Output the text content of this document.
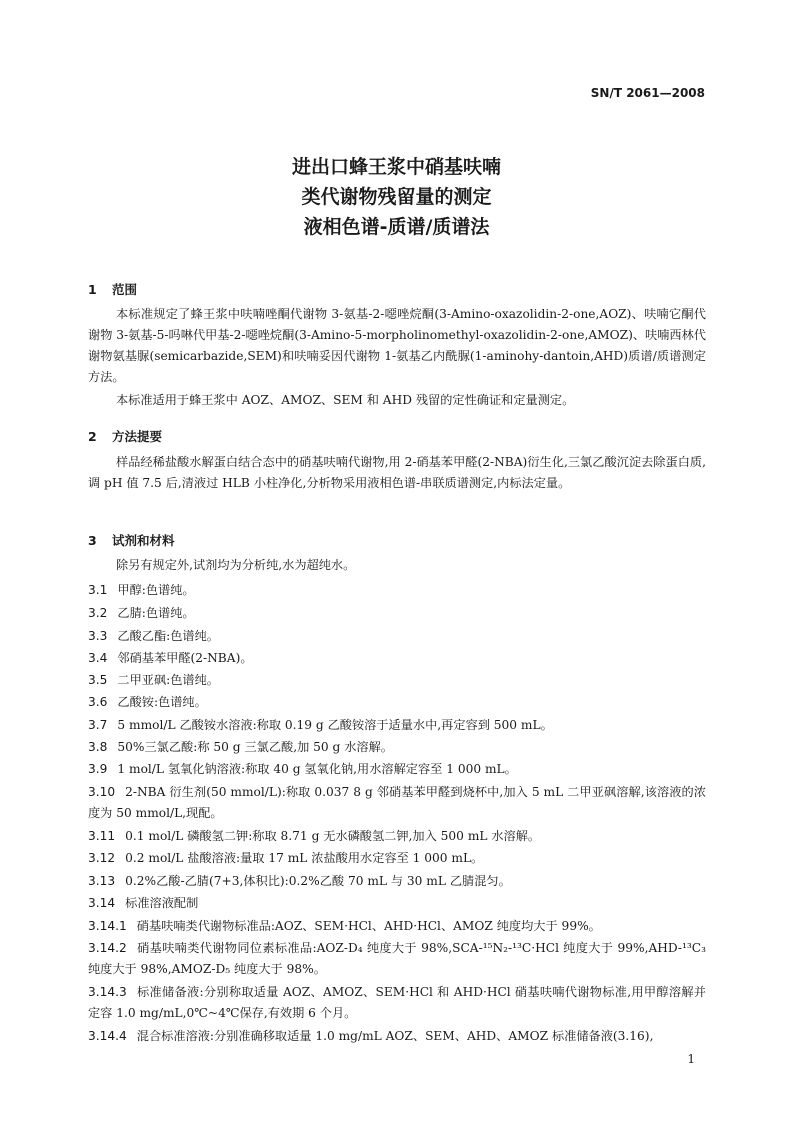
SN/T 2061—2008
进出口蜂王浆中硝基呋喃
类代谢物残留量的测定
液相色谱-质谱/质谱法
1 范围

本标准规定了蜂王浆中呋喃唑酮代谢物 3-氨基-2-噁唑烷酮(3-Amino-oxazolidin-2-one,AOZ)、呋喃它酮代谢物 3-氨基-5-吗啉代甲基-2-噁唑烷酮(3-Amino-5-morpholinomethyl-oxazolidin-2-one,AMOZ)、呋喃西林代谢物氨基脲(semicarbazide,SEM)和呋喃妥因代谢物 1-氨基乙内酰脲(1-aminohy-dantoin,AHD)质谱/质谱测定方法。

本标准适用于蜂王浆中 AOZ、AMOZ、SEM 和 AHD 残留的定性确证和定量测定。

2 方法提要

样品经稀盐酸水解蛋白结合态中的硝基呋喃代谢物,用 2-硝基苯甲醛(2-NBA)衍生化,三氯乙酸沉淀去除蛋白质,调 pH 值 7.5 后,清液过 HLB 小柱净化,分析物采用液相色谱-串联质谱测定,内标法定量。

3 试剂和材料

除另有规定外,试剂均为分析纯,水为超纯水。

3.1 甲醇:色谱纯。

3.2 乙腈:色谱纯。

3.3 乙酸乙酯:色谱纯。

3.4 邻硝基苯甲醛(2-NBA)。

3.5 二甲亚砜:色谱纯。

3.6 乙酸铵:色谱纯。

3.7 5 mmol/L 乙酸铵水溶液:称取 0.19 g 乙酸铵溶于适量水中,再定容到 500 mL。

3.8 50%三氯乙酸:称 50 g 三氯乙酸,加 50 g 水溶解。

3.9 1 mol/L 氢氧化钠溶液:称取 40 g 氢氧化钠,用水溶解定容至 1 000 mL。

3.10 2-NBA 衍生剂(50 mmol/L):称取 0.037 8 g 邻硝基苯甲醛到烧杯中,加入 5 mL 二甲亚砜溶解,该溶液的浓度为 50 mmol/L,现配。

3.11 0.1 mol/L 磷酸氢二钾:称取 8.71 g 无水磷酸氢二钾,加入 500 mL 水溶解。

3.12 0.2 mol/L 盐酸溶液:量取 17 mL 浓盐酸用水定容至 1 000 mL。

3.13 0.2%乙酸-乙腈(7+3,体积比):0.2%乙酸 70 mL 与 30 mL 乙腈混匀。

3.14 标准溶液配制

3.14.1 硝基呋喃类代谢物标准品:AOZ、SEM·HCl、AHD·HCl、AMOZ 纯度均大于 99%。

3.14.2 硝基呋喃类代谢物同位素标准品:AOZ-D₄ 纯度大于 98%,SCA-¹⁵N₂-¹³C·HCl 纯度大于 99%,AHD-¹³C₃ 纯度大于 98%,AMOZ-D₅ 纯度大于 98%。

3.14.3 标准储备液:分别称取适量 AOZ、AMOZ、SEM·HCl 和 AHD·HCl 硝基呋喃代谢物标准,用甲醇溶解并定容 1.0 mg/mL,0℃~4℃保存,有效期 6 个月。

3.14.4 混合标准溶液:分别准确移取适量 1.0 mg/mL AOZ、SEM、AHD、AMOZ 标准储备液(3.16),

1
